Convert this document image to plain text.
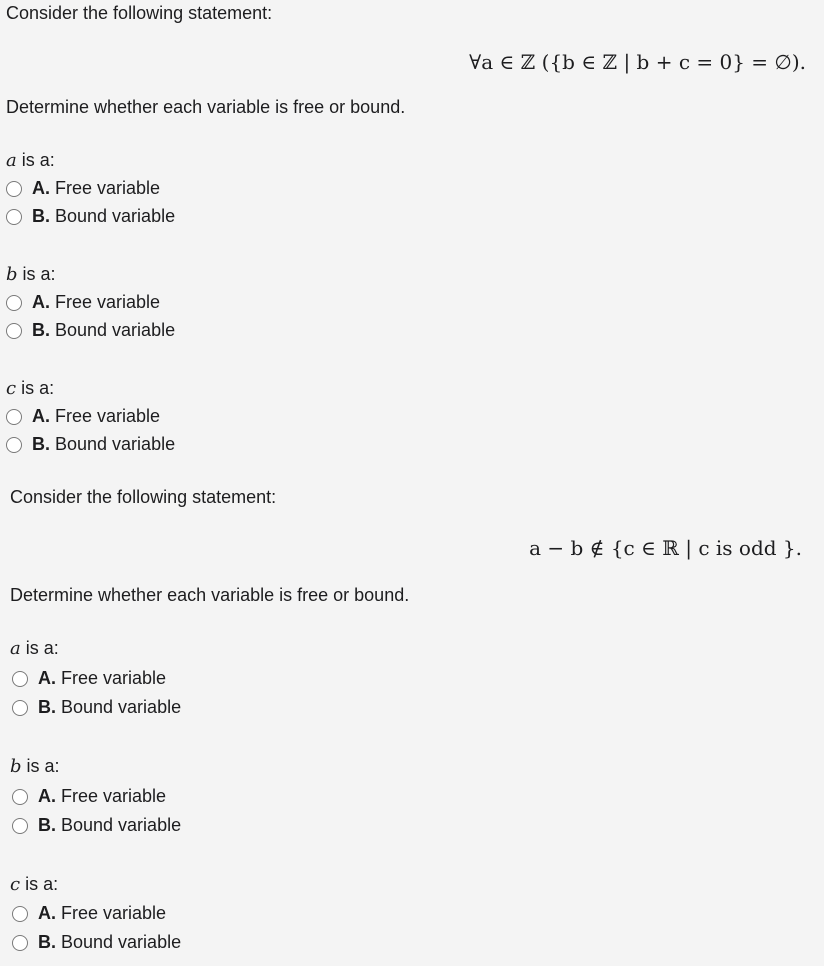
Consider the following statement:
∀a ∈ ℤ ({b ∈ ℤ | b + c = 0} = ∅).
Determine whether each variable is free or bound.
a is a:
A. Free variable
B. Bound variable
b is a:
A. Free variable
B. Bound variable
c is a:
A. Free variable
B. Bound variable
Consider the following statement:
a − b ∉ {c ∈ ℝ | c is odd }.
Determine whether each variable is free or bound.
a is a:
A. Free variable
B. Bound variable
b is a:
A. Free variable
B. Bound variable
c is a:
A. Free variable
B. Bound variable
